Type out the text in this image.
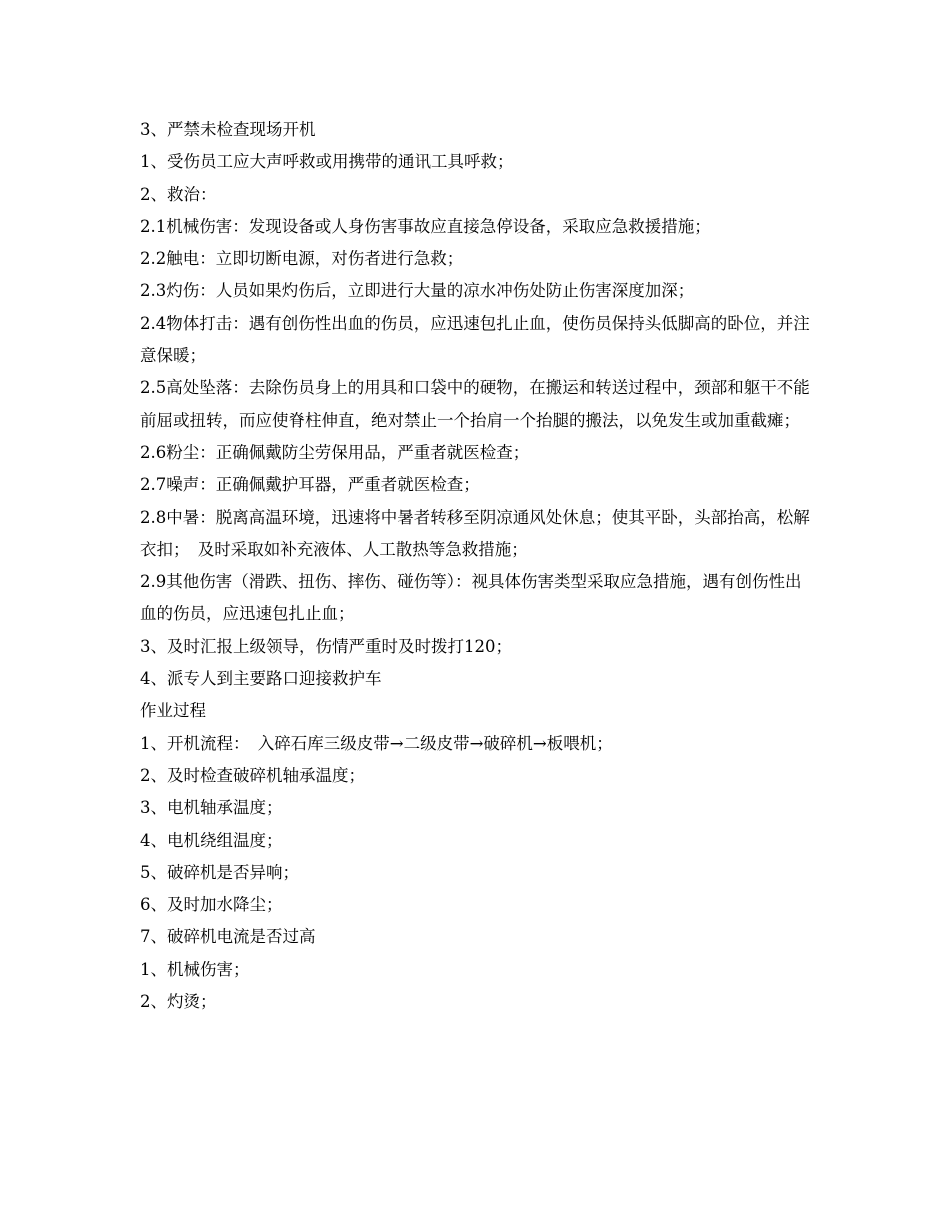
3、严禁未检查现场开机

1、受伤员工应大声呼救或用携带的通讯工具呼救；

2、救治：

2.1机械伤害：发现设备或人身伤害事故应直接急停设备，采取应急救援措施；

2.2触电：立即切断电源，对伤者进行急救；

2.3灼伤：人员如果灼伤后，立即进行大量的凉水冲伤处防止伤害深度加深；

2.4物体打击：遇有创伤性出血的伤员，应迅速包扎止血，使伤员保持头低脚高的卧位，并注意保暖；

2.5高处坠落：去除伤员身上的用具和口袋中的硬物，在搬运和转送过程中，颈部和躯干不能前屈或扭转，而应使脊柱伸直，绝对禁止一个抬肩一个抬腿的搬法，以免发生或加重截瘫；

2.6粉尘：正确佩戴防尘劳保用品，严重者就医检查；

2.7噪声：正确佩戴护耳器，严重者就医检查；

2.8中暑：脱离高温环境，迅速将中暑者转移至阴凉通风处休息；使其平卧，头部抬高，松解衣扣；　及时采取如补充液体、人工散热等急救措施；

2.9其他伤害（滑跌、扭伤、摔伤、碰伤等）：视具体伤害类型采取应急措施，遇有创伤性出血的伤员，应迅速包扎止血；

3、及时汇报上级领导，伤情严重时及时拨打120；

4、派专人到主要路口迎接救护车

作业过程

1、开机流程：　入碎石库三级皮带→二级皮带→破碎机→板喂机；

2、及时检查破碎机轴承温度；

3、电机轴承温度；

4、电机绕组温度；

5、破碎机是否异响；

6、及时加水降尘；

7、破碎机电流是否过高

1、机械伤害；

2、灼烫；
